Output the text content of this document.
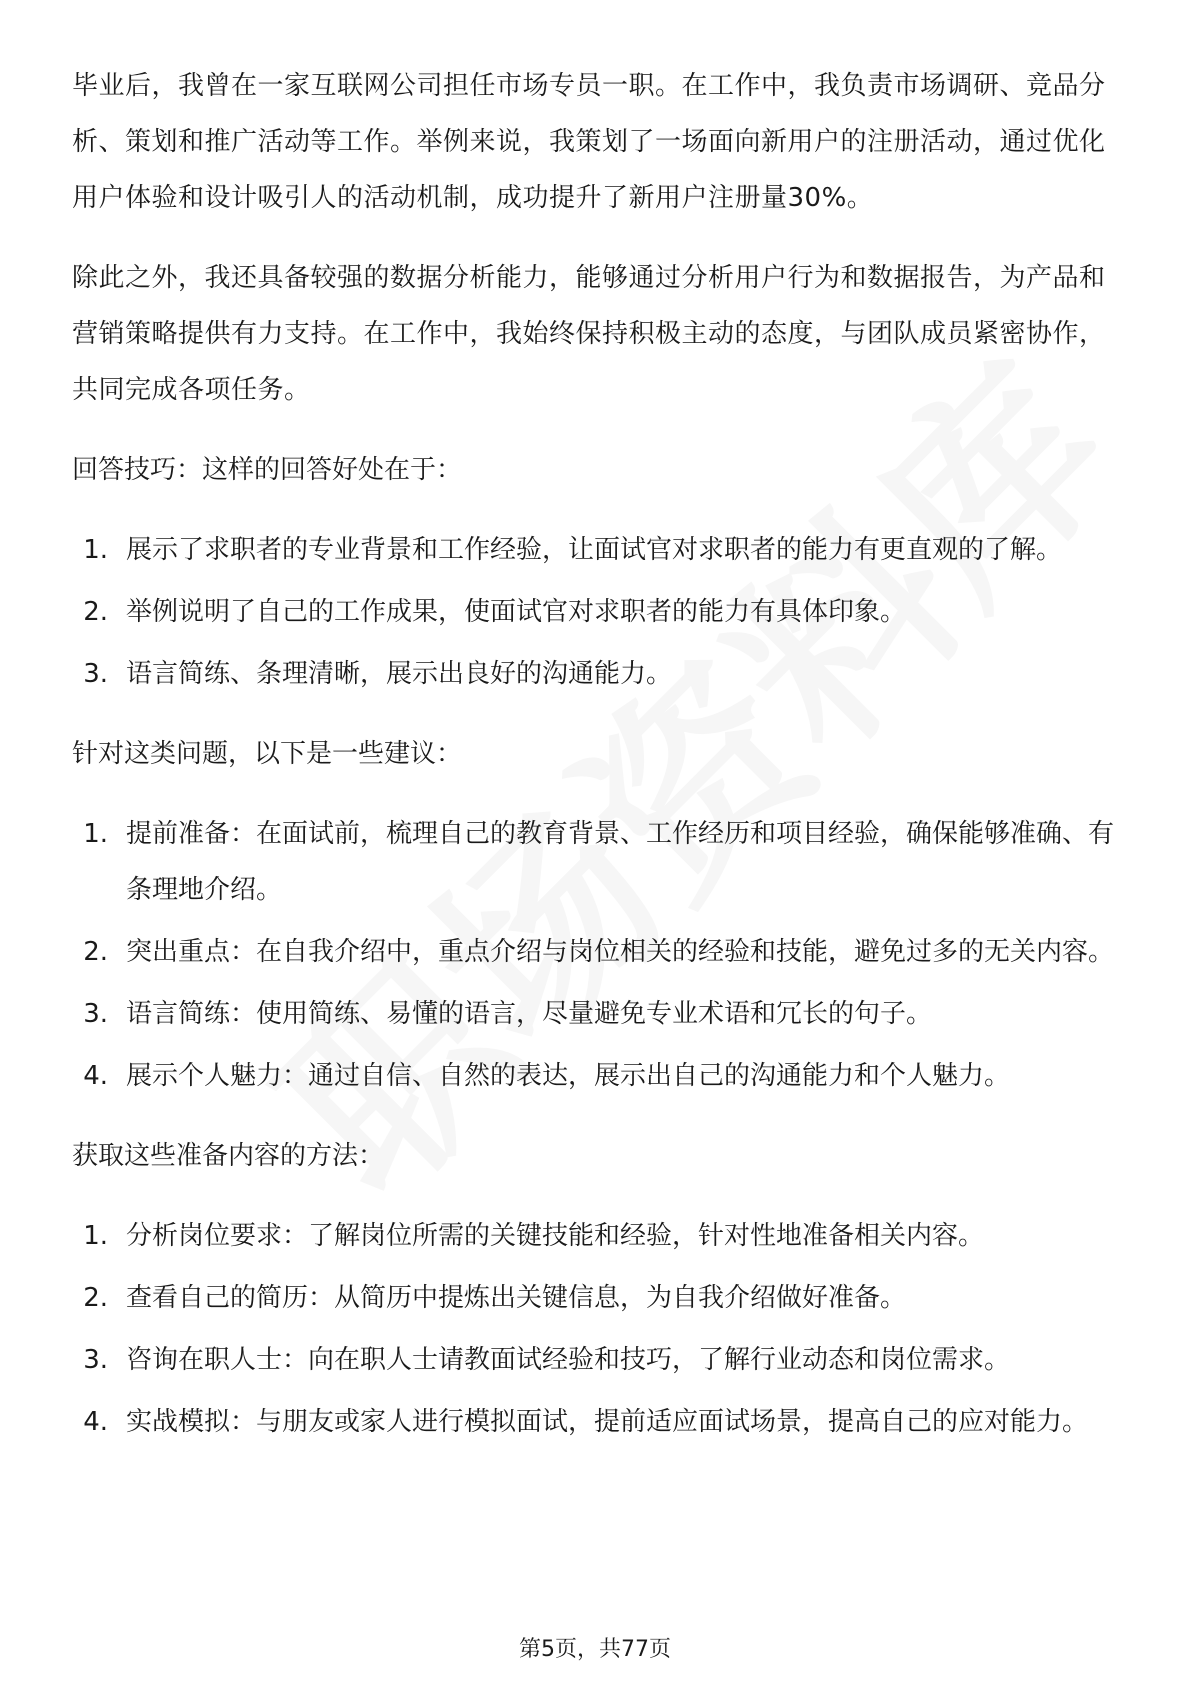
毕业后，我曾在一家互联网公司担任市场专员一职。在工作中，我负责市场调研、竞品分析、策划和推广活动等工作。举例来说，我策划了一场面向新用户的注册活动，通过优化用户体验和设计吸引人的活动机制，成功提升了新用户注册量30%。

除此之外，我还具备较强的数据分析能力，能够通过分析用户行为和数据报告，为产品和营销策略提供有力支持。在工作中，我始终保持积极主动的态度，与团队成员紧密协作，共同完成各项任务。

回答技巧：这样的回答好处在于：
1. 展示了求职者的专业背景和工作经验，让面试官对求职者的能力有更直观的了解。
2. 举例说明了自己的工作成果，使面试官对求职者的能力有具体印象。
3. 语言简练、条理清晰，展示出良好的沟通能力。
针对这类问题，以下是一些建议：
1. 提前准备：在面试前，梳理自己的教育背景、工作经历和项目经验，确保能够准确、有条理地介绍。
2. 突出重点：在自我介绍中，重点介绍与岗位相关的经验和技能，避免过多的无关内容。
3. 语言简练：使用简练、易懂的语言，尽量避免专业术语和冗长的句子。
4. 展示个人魅力：通过自信、自然的表达，展示出自己的沟通能力和个人魅力。
获取这些准备内容的方法：
1. 分析岗位要求：了解岗位所需的关键技能和经验，针对性地准备相关内容。
2. 查看自己的简历：从简历中提炼出关键信息，为自我介绍做好准备。
3. 咨询在职人士：向在职人士请教面试经验和技巧，了解行业动态和岗位需求。
4. 实战模拟：与朋友或家人进行模拟面试，提前适应面试场景，提高自己的应对能力。
第5页，共77页
